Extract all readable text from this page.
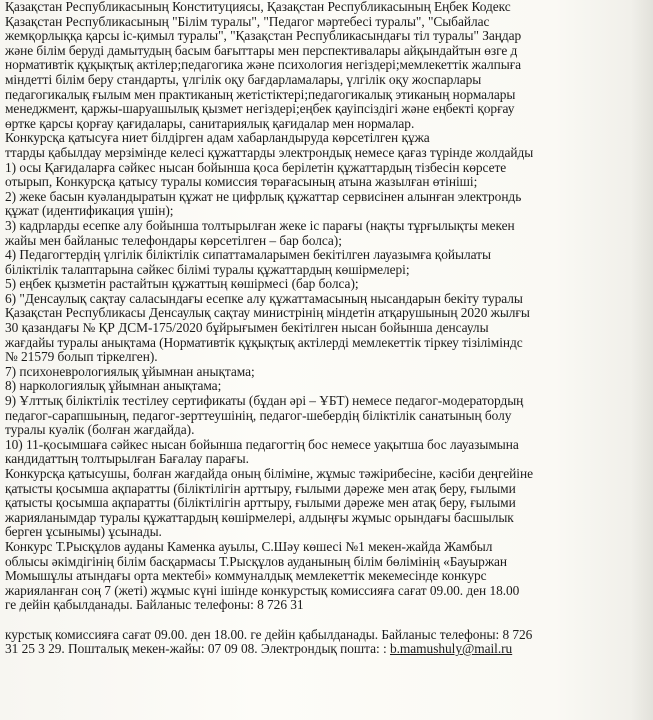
Қазақстан Республикасының Конституциясы, Қазақстан Республикасының Еңбек Кодекс
Қазақстан Республикасының "Білім туралы", "Педагог мәртебесі туралы", "Сыбайлас
жемқорлыққа қарсы іс-қимыл туралы", "Қазақстан Республикасындағы тіл туралы" Заңдар
және білім беруді дамытудың басым бағыттары мен перспективалары айқындайтын өзге д
нормативтік құқықтық актілер;педагогика және психология негіздері;мемлекеттік жалпыға
міндетті білім беру стандарты, үлгілік оқу бағдарламалары, үлгілік оқу жоспарлары
педагогикалық ғылым мен практиканың жетістіктері;педагогикалық этиканың нормалары
менеджмент, қаржы-шаруашылық қызмет негіздері;еңбек қауіпсіздігі және еңбекті қорғау
өртке қарсы қорғау қағидалары, санитариялық қағидалар мен нормалар.
Конкурсқа қатысуға ниет білдірген адам хабарландыруда көрсетілген құжа
ттарды қабылдау мерзімінде келесі құжаттарды электрондық немесе қағаз түрінде жолдайды
1) осы Қағидаларға сәйкес нысан бойынша қоса берілетін құжаттардың тізбесін көрсете
отырып, Конкурсқа қатысу туралы комиссия төрағасының атына жазылған өтініші;
2) жеке басын куәландыратын құжат не цифрлық құжаттар сервисінен алынған электрондь
құжат (идентификация үшін);
3) кадрларды есепке алу бойынша толтырылған жеке іс парағы (нақты тұрғылықты мекен
жайы мен байланыс телефондары көрсетілген – бар болса);
4) Педагогтердің үлгілік біліктілік сипаттамаларымен бекітілген лауазымға қойылаты
біліктілік талаптарына сәйкес білімі туралы құжаттардың көшірмелері;
5) еңбек қызметін растайтын құжаттың көшірмесі (бар болса);
6) "Денсаулық сақтау саласындағы есепке алу құжаттамасының нысандарын бекіту туралы
Қазақстан Республикасы Денсаулық сақтау министрінің міндетін атқарушының 2020 жылғы
30 қазандағы № ҚР ДСМ-175/2020 бұйрығымен бекітілген нысан бойынша денсаулы
жағдайы туралы анықтама (Нормативтік құқықтық актілерді мемлекеттік тіркеу тізіліміндс
№ 21579 болып тіркелген).
7) психоневрологиялық ұйымнан анықтама;
8) наркологиялық ұйымнан анықтама;
9) Ұлттық біліктілік тестілеу сертификаты (бұдан әрі – ҰБТ) немесе педагог-модератордың
педагог-сарапшының, педагог-зерттеушінің, педагог-шебердің біліктілік санатының болу
туралы куәлік (болған жағдайда).
10) 11-қосымшаға сәйкес нысан бойынша педагогтің бос немесе уақытша бос лауазымына
кандидаттың толтырылған Бағалау парағы.
Конкурсқа қатысушы, болған жағдайда оның біліміне, жұмыс тәжірибесіне, кәсіби деңгейіне
қатысты қосымша ақпаратты (біліктілігін арттыру, ғылыми дәреже мен атақ беру, ғылыми
қатысты қосымша ақпаратты (біліктілігін арттыру, ғылыми дәреже мен атақ беру, ғылыми
жарияланымдар туралы құжаттардың көшірмелері, алдыңғы жұмыс орындағы басшылык
берген ұсынымы) ұсынады.
Конкурс Т.Рысқұлов ауданы Каменка ауылы, С.Шәу көшесі №1 мекен-жайда Жамбыл
облысы әкімдігінің білім басқармасы Т.Рысқұлов ауданының білім бөлімінің «Бауыржан
Момышұлы атындағы орта мектебі» коммуналдық мемлекеттік мекемесінде конкурс
жарияланған соң 7 (жеті) жұмыс күні ішінде конкурстық комиссияға сағат 09.00. ден 18.00
ге дейін қабылданады. Байланыс телефоны: 8 726 31

курстық комиссияға сағат 09.00. ден 18.00. ге дейін қабылданады. Байланыс телефоны: 8 726
31 25 3 29. Пошталық мекен-жайы: 07 09 08. Электрондық пошта: : b.mamushuly@mail.ru
